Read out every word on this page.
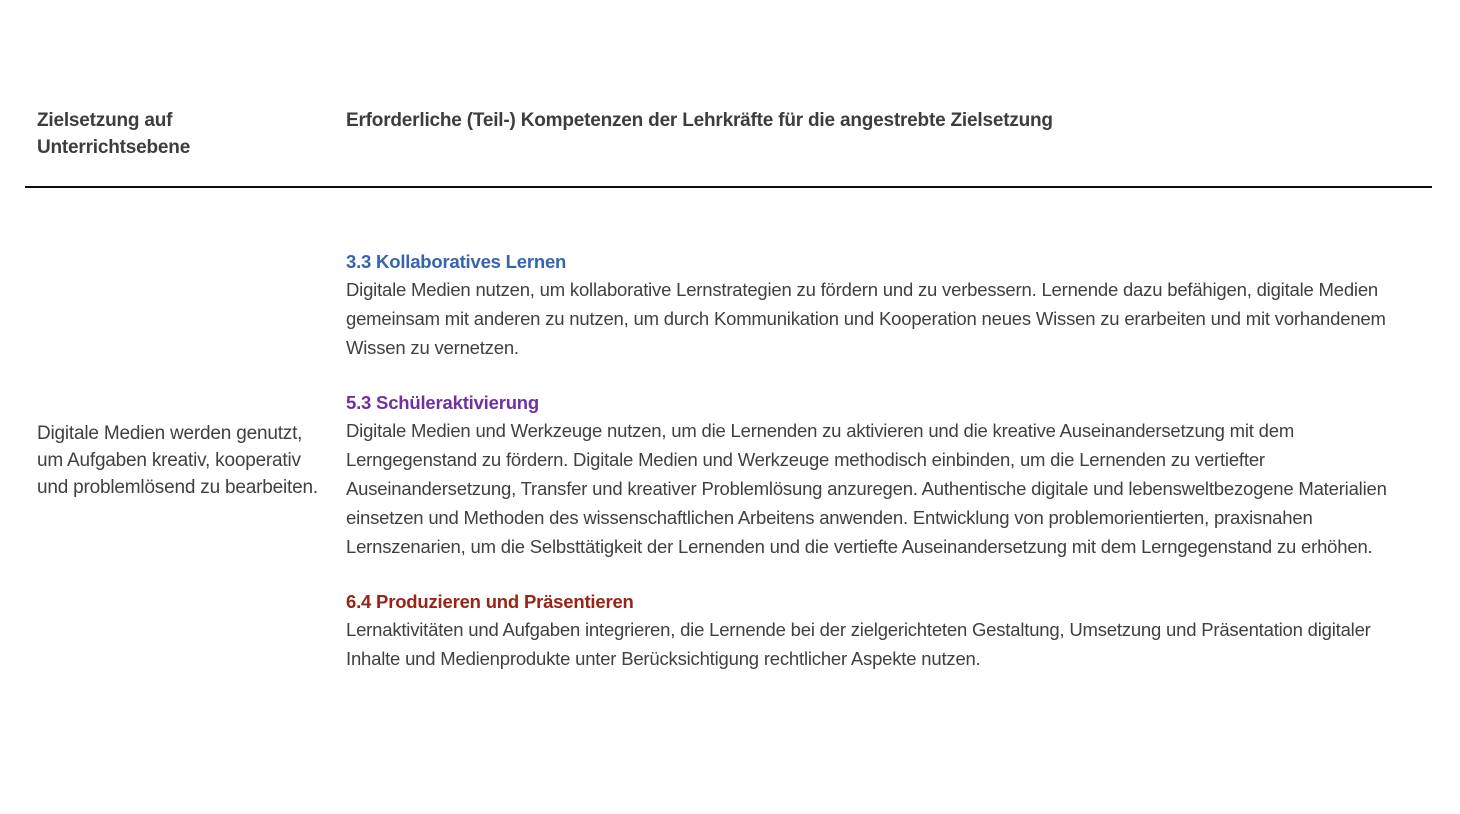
Zielsetzung auf Unterrichtsebene
Erforderliche (Teil-) Kompetenzen der Lehrkräfte für die angestrebte Zielsetzung
Digitale Medien werden genutzt, um Aufgaben kreativ, kooperativ und problemlösend zu bearbeiten.
3.3 Kollaboratives Lernen
Digitale Medien nutzen, um kollaborative Lernstrategien zu fördern und zu verbessern. Lernende dazu befähigen, digitale Medien gemeinsam mit anderen zu nutzen, um durch Kommunikation und Kooperation neues Wissen zu erarbeiten und mit vorhandenem Wissen zu vernetzen.
5.3 Schüleraktivierung
Digitale Medien und Werkzeuge nutzen, um die Lernenden zu aktivieren und die kreative Auseinandersetzung mit dem Lerngegenstand zu fördern. Digitale Medien und Werkzeuge methodisch einbinden, um die Lernenden zu vertiefter Auseinandersetzung, Transfer und kreativer Problemlösung anzuregen. Authentische digitale und lebensweltbezogene Materialien einsetzen und Methoden des wissenschaftlichen Arbeitens anwenden. Entwicklung von problemorientierten, praxisnahen Lernszenarien, um die Selbsttätigkeit der Lernenden und die vertiefte Auseinandersetzung mit dem Lerngegenstand zu erhöhen.
6.4 Produzieren und Präsentieren
Lernaktivitäten und Aufgaben integrieren, die Lernende bei der zielgerichteten Gestaltung, Umsetzung und Präsentation digitaler Inhalte und Medienprodukte unter Berücksichtigung rechtlicher Aspekte nutzen.
